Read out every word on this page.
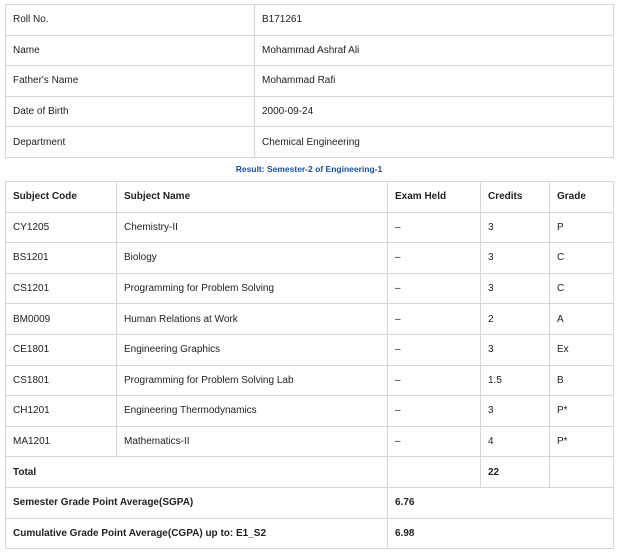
Roll No.	B171261
Name	Mohammad Ashraf Ali
Father's Name	Mohammad Rafi
Date of Birth	2000-09-24
Department	Chemical Engineering
Result: Semester-2 of Engineering-1
Subject Code	Subject Name	Exam Held	Credits	Grade
CY1205	Chemistry-II	–	3	P
BS1201	Biology	–	3	C
CS1201	Programming for Problem Solving	–	3	C
BM0009	Human Relations at Work	–	2	A
CE1801	Engineering Graphics	–	3	Ex
CS1801	Programming for Problem Solving Lab	–	1.5	B
CH1201	Engineering Thermodynamics	–	3	P*
MA1201	Mathematics-II	–	4	P*
Total			22	
Semester Grade Point Average(SGPA)		6.76		
Cumulative Grade Point Average(CGPA) up to: E1_S2		6.98		
